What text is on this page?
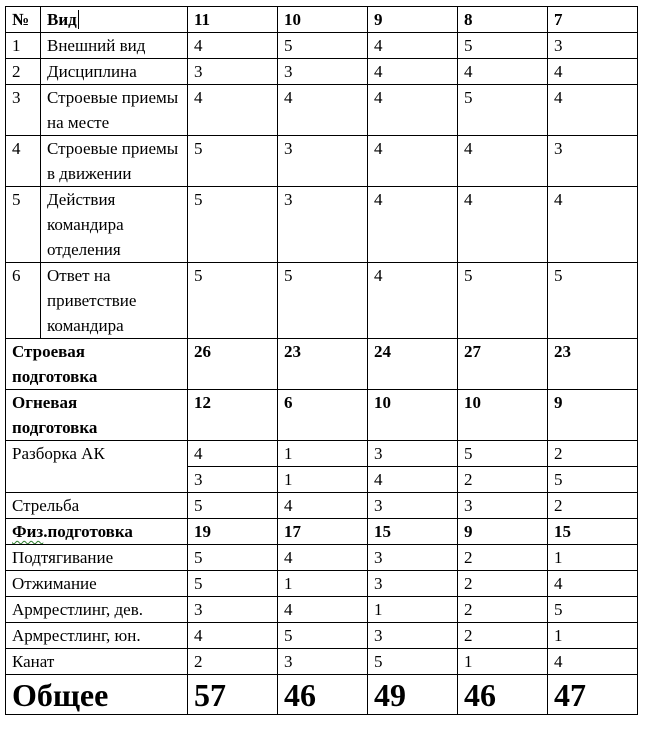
№	Вид	11	10	9	8	7
1	Внешний вид	4	5	4	5	3
2	Дисциплина	3	3	4	4	4
3	Строевые приемы на месте	4	4	4	5	4
4	Строевые приемы в движении	5	3	4	4	3
5	Действия командира отделения	5	3	4	4	4
6	Ответ на приветствие командира	5	5	4	5	5
Строевая подготовка		26	23	24	27	23
Огневая подготовка		12	6	10	10	9
Разборка АК		4	1	3	5	2
		3	1	4	2	5
Стрельба		5	4	3	3	2
Физ.подготовка		19	17	15	9	15
Подтягивание		5	4	3	2	1
Отжимание		5	1	3	2	4
Армрестлинг, дев.		3	4	1	2	5
Армрестлинг, юн.		4	5	3	2	1
Канат		2	3	5	1	4
Общее		57	46	49	46	47
